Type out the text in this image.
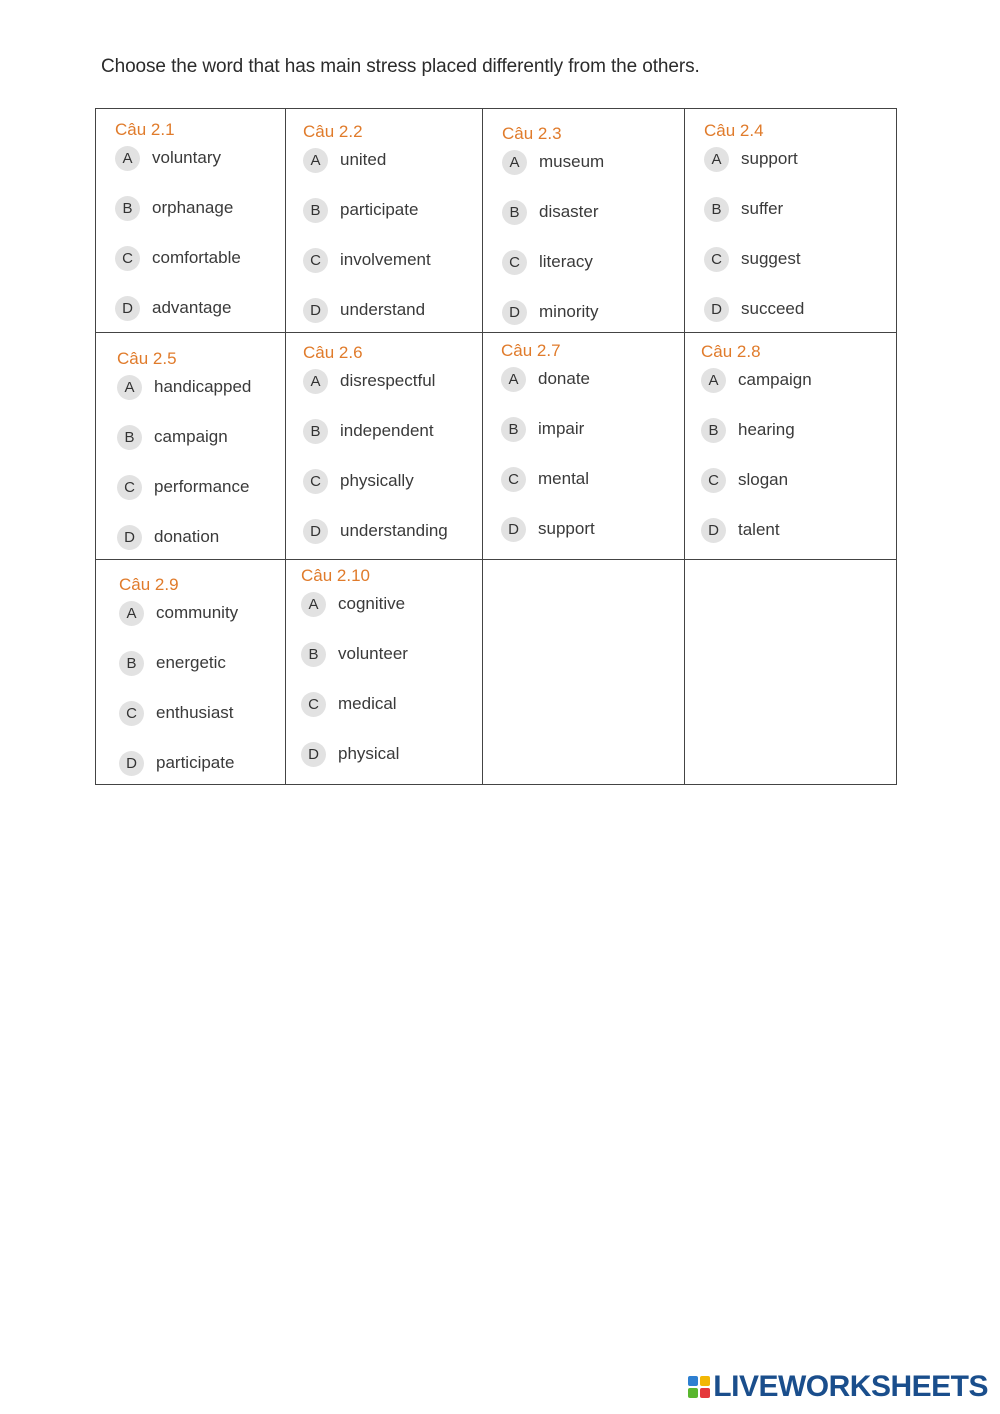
Choose the word that has main stress placed differently from the others.
Câu 2.1
A	voluntary
B	orphanage
C	comfortable
D	advantage
Câu 2.2
A	united
B	participate
C	involvement
D	understand
Câu 2.3
A	museum
B	disaster
C	literacy
D	minority
Câu 2.4
A	support
B	suffer
C	suggest
D	succeed
Câu 2.5
A	handicapped
B	campaign
C	performance
D	donation
Câu 2.6
A	disrespectful
B	independent
C	physically
D	understanding
Câu 2.7
A	donate
B	impair
C	mental
D	support
Câu 2.8
A	campaign
B	hearing
C	slogan
D	talent
Câu 2.9
A	community
B	energetic
C	enthusiast
D	participate
Câu 2.10
A	cognitive
B	volunteer
C	medical
D	physical
LIVEWORKSHEETS
